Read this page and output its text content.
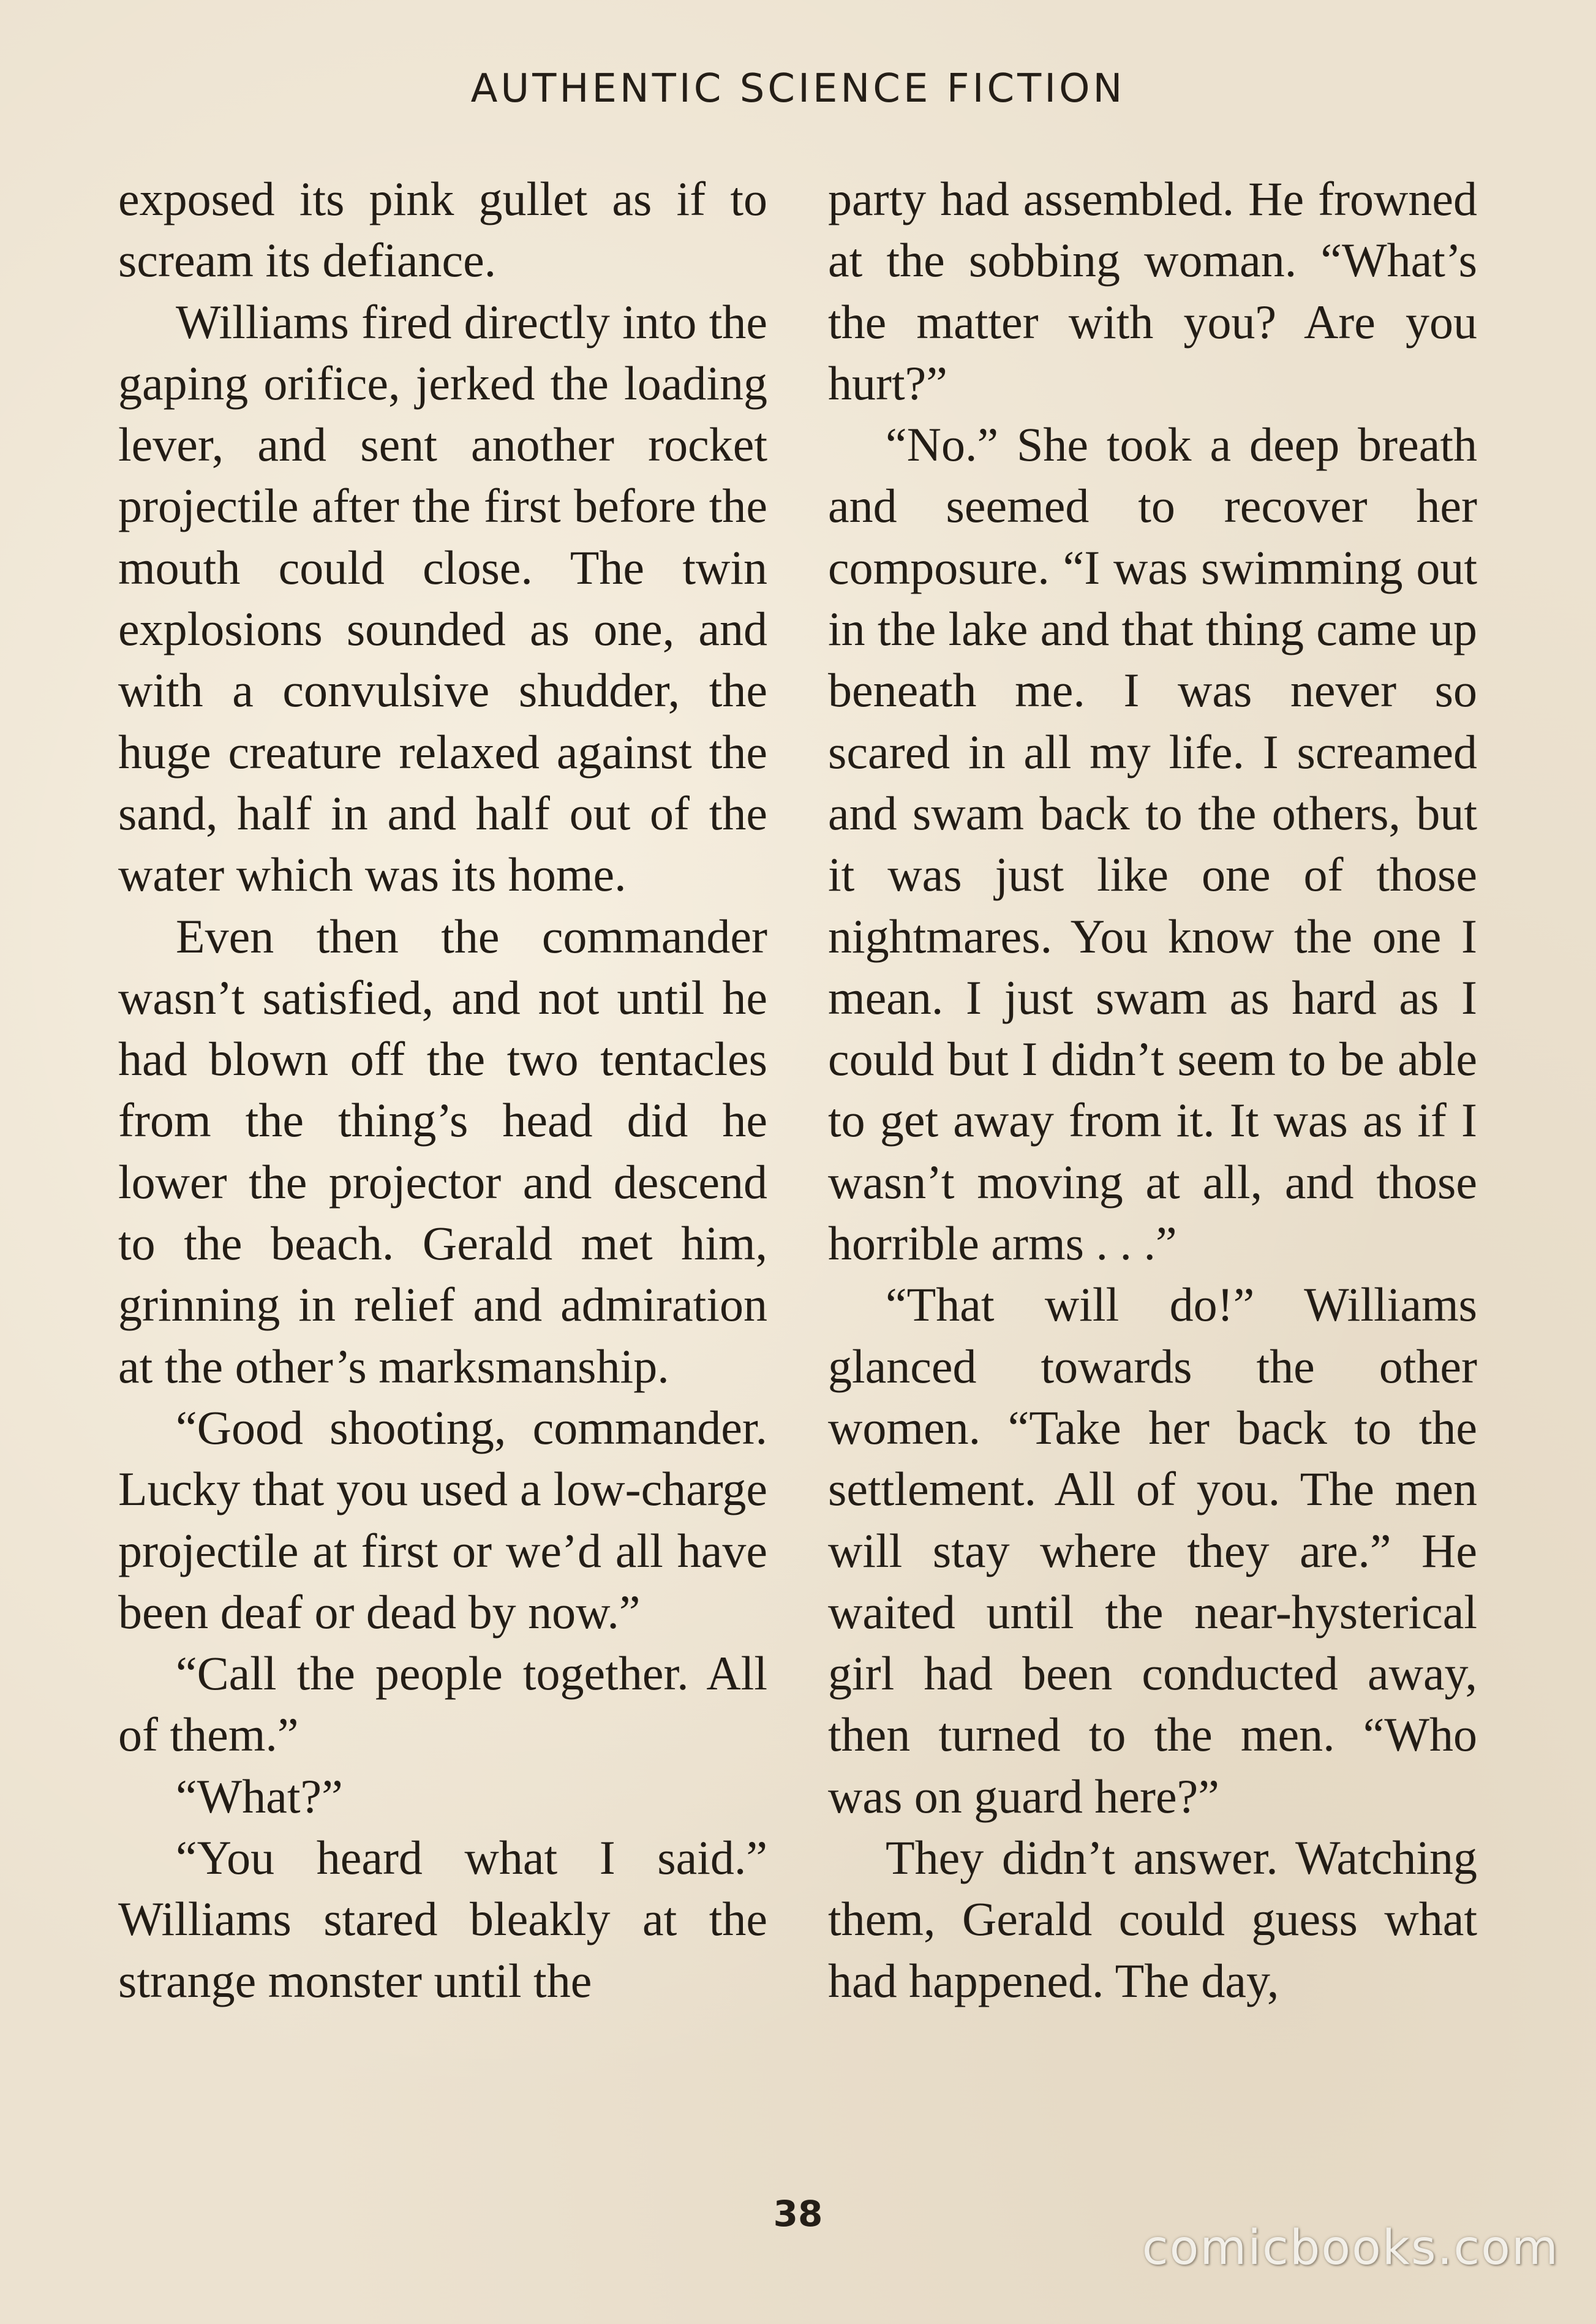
AUTHENTIC SCIENCE FICTION

exposed its pink gullet as if to scream its defiance.

Williams fired directly into the gaping orifice, jerked the loading lever, and sent another rocket projectile after the first before the mouth could close. The twin explosions sounded as one, and with a convulsive shudder, the huge creature relaxed against the sand, half in and half out of the water which was its home.

Even then the commander wasn’t satisfied, and not until he had blown off the two tentacles from the thing’s head did he lower the projector and descend to the beach. Gerald met him, grinning in relief and admiration at the other’s marksmanship.

“Good shooting, commander. Lucky that you used a low-charge projectile at first or we’d all have been deaf or dead by now.”

“Call the people together. All of them.”

“What?”

“You heard what I said.” Williams stared bleakly at the strange monster until the

party had assembled. He frowned at the sobbing woman. “What’s the matter with you? Are you hurt?”

“No.” She took a deep breath and seemed to recover her composure. “I was swimming out in the lake and that thing came up beneath me. I was never so scared in all my life. I screamed and swam back to the others, but it was just like one of those nightmares. You know the one I mean. I just swam as hard as I could but I didn’t seem to be able to get away from it. It was as if I wasn’t moving at all, and those horrible arms . . .”

“That will do!” Williams glanced towards the other women. “Take her back to the settlement. All of you. The men will stay where they are.” He waited until the near-hysterical girl had been conducted away, then turned to the men. “Who was on guard here?”

They didn’t answer. Watching them, Gerald could guess what had happened. The day,

38
comicbooks.com
